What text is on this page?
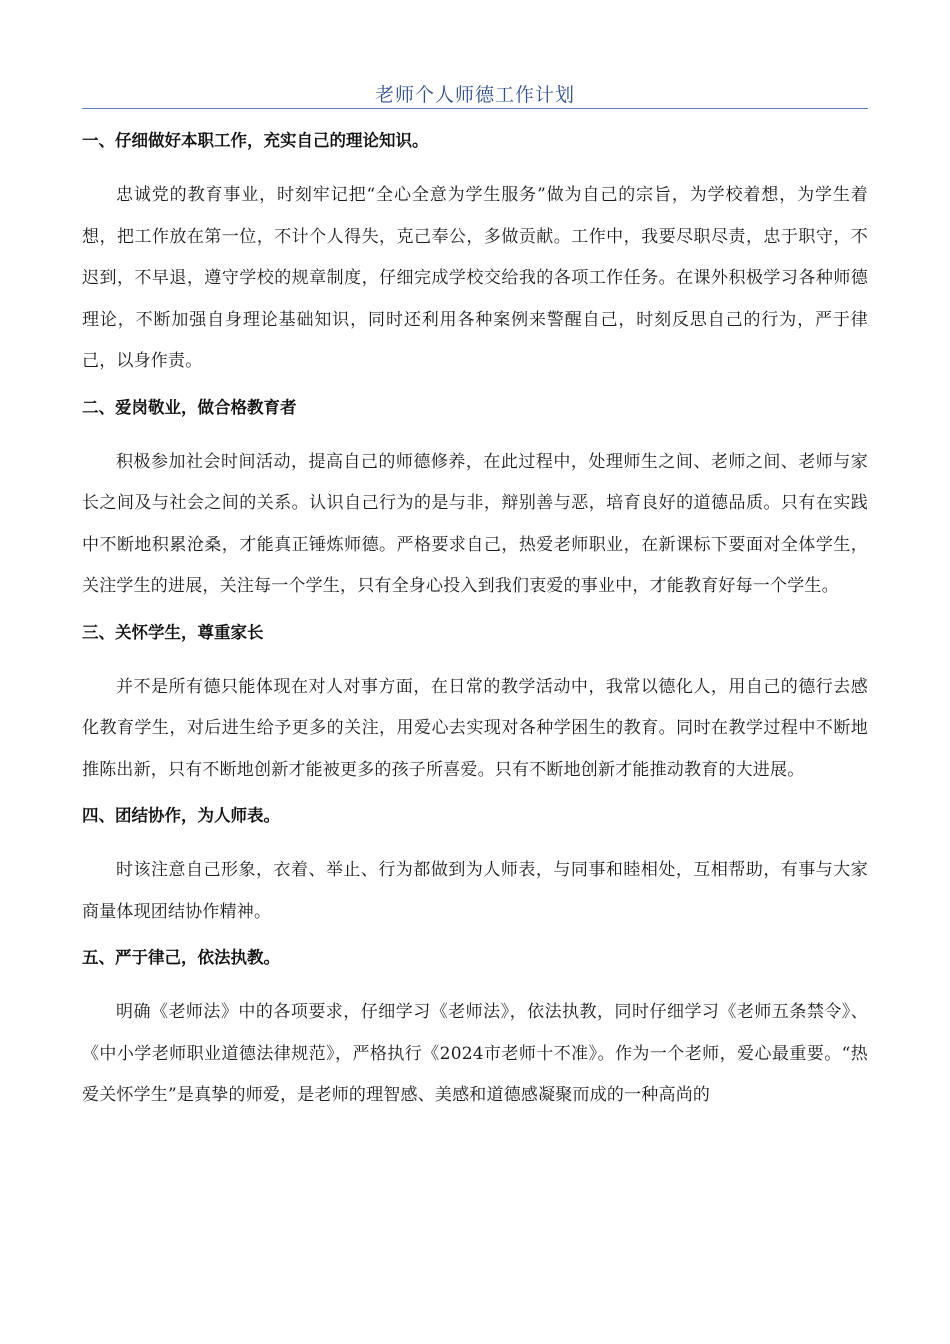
老师个人师德工作计划
一、仔细做好本职工作，充实自己的理论知识。

忠诚党的教育事业，时刻牢记把“全心全意为学生服务”做为自己的宗旨，为学校着想，为学生着想，把工作放在第一位，不计个人得失，克己奉公，多做贡献。工作中，我要尽职尽责，忠于职守，不迟到，不早退，遵守学校的规章制度，仔细完成学校交给我的各项工作任务。在课外积极学习各种师德理论，不断加强自身理论基础知识，同时还利用各种案例来警醒自己，时刻反思自己的行为，严于律己，以身作责。

二、爱岗敬业，做合格教育者

积极参加社会时间活动，提高自己的师德修养，在此过程中，处理师生之间、老师之间、老师与家长之间及与社会之间的关系。认识自己行为的是与非，辩别善与恶，培育良好的道德品质。只有在实践中不断地积累沧桑，才能真正锤炼师德。严格要求自己，热爱老师职业，在新课标下要面对全体学生，关注学生的进展，关注每一个学生，只有全身心投入到我们衷爱的事业中，才能教育好每一个学生。

三、关怀学生，尊重家长

并不是所有德只能体现在对人对事方面，在日常的教学活动中，我常以德化人，用自己的德行去感化教育学生，对后进生给予更多的关注，用爱心去实现对各种学困生的教育。同时在教学过程中不断地推陈出新，只有不断地创新才能被更多的孩子所喜爱。只有不断地创新才能推动教育的大进展。

四、团结协作，为人师表。

时该注意自己形象，衣着、举止、行为都做到为人师表，与同事和睦相处，互相帮助，有事与大家商量体现团结协作精神。

五、严于律己，依法执教。

明确《老师法》中的各项要求，仔细学习《老师法》，依法执教，同时仔细学习《老师五条禁令》、《中小学老师职业道德法律规范》，严格执行《2024市老师十不准》。作为一个老师，爱心最重要。“热爱关怀学生”是真挚的师爱，是老师的理智感、美感和道德感凝聚而成的一种高尚的
